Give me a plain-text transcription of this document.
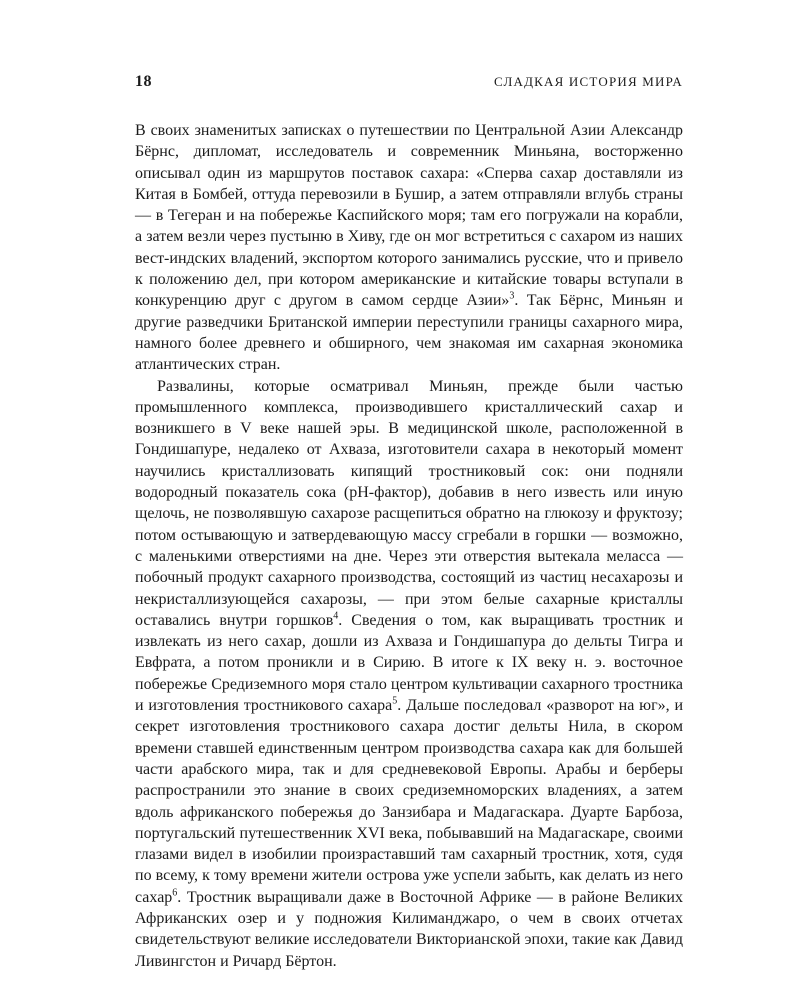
18	СЛАДКАЯ ИСТОРИЯ МИРА

В своих знаменитых записках о путешествии по Центральной Азии Александр Бёрнс, дипломат, исследователь и современник Миньяна, восторженно описывал один из маршрутов поставок сахара: «Сперва сахар доставляли из Китая в Бомбей, оттуда перевозили в Бушир, а затем отправляли вглубь страны — в Тегеран и на побережье Каспийского моря; там его погружали на корабли, а затем везли через пустыню в Хиву, где он мог встретиться с сахаром из наших вест-индских владений, экспортом которого занимались русские, что и привело к положению дел, при котором американские и китайские товары вступали в конкуренцию друг с другом в самом сердце Азии»$^3$. Так Бёрнс, Миньян и другие разведчики Британской империи переступили границы сахарного мира, намного более древнего и обширного, чем знакомая им сахарная экономика атлантических стран.

Развалины, которые осматривал Миньян, прежде были частью промышленного комплекса, производившего кристаллический сахар и возникшего в V веке нашей эры. В медицинской школе, расположенной в Гондишапуре, недалеко от Ахваза, изготовители сахара в некоторый момент научились кристаллизовать кипящий тростниковый сок: они подняли водородный показатель сока (pH-фактор), добавив в него известь или иную щелочь, не позволявшую сахарозе расщепиться обратно на глюкозу и фруктозу; потом остывающую и затвердевающую массу сгребали в горшки — возможно, с маленькими отверстиями на дне. Через эти отверстия вытекала меласса — побочный продукт сахарного производства, состоящий из частиц несахарозы и некристаллизующейся сахарозы, — при этом белые сахарные кристаллы оставались внутри горшков$^4$. Сведения о том, как выращивать тростник и извлекать из него сахар, дошли из Ахваза и Гондишапура до дельты Тигра и Евфрата, а потом проникли и в Сирию. В итоге к IX веку н. э. восточное побережье Средиземного моря стало центром культивации сахарного тростника и изготовления тростникового сахара$^5$. Дальше последовал «разворот на юг», и секрет изготовления тростникового сахара достиг дельты Нила, в скором времени ставшей единственным центром производства сахара как для большей части арабского мира, так и для средневековой Европы. Арабы и берберы распространили это знание в своих средиземноморских владениях, а затем вдоль африканского побережья до Занзибара и Мадагаскара. Дуарте Барбоза, португальский путешественник XVI века, побывавший на Мадагаскаре, своими глазами видел в изобилии произраставший там сахарный тростник, хотя, судя по всему, к тому времени жители острова уже успели забыть, как делать из него сахар$^6$. Тростник выращивали даже в Восточной Африке — в районе Великих Африканских озер и у подножия Килиманджаро, о чем в своих отчетах свидетельствуют великие исследователи Викторианской эпохи, такие как Давид Ливингстон и Ричард Бёртон.
